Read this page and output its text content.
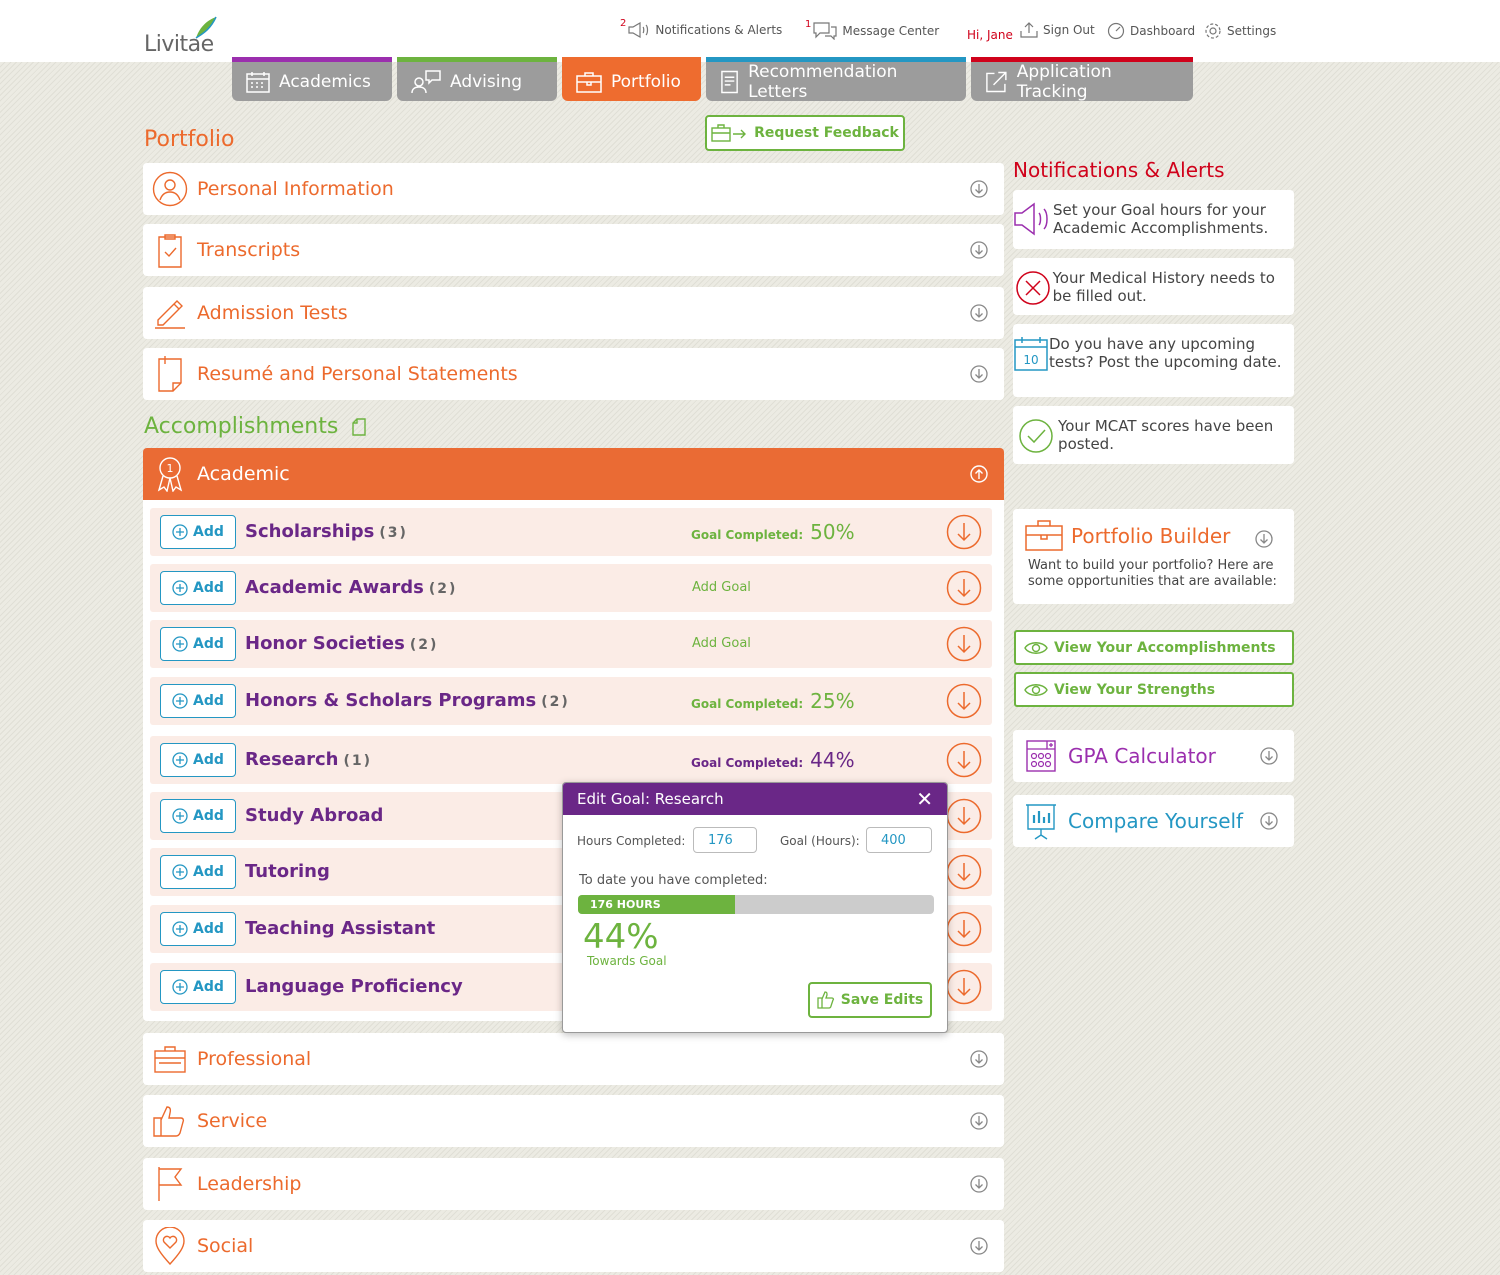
Livitae
2 Notifications & Alerts 1	Message Center Hi, Jane	Sign Out	Dashboard	Settings
Academics	Advising	Portfolio	Recommendation Letters
Application Tracking
Portfolio	Request Feedback
Personal Information
Transcripts
Admission Tests
Resumé and Personal Statements
Accomplishments
1 Academic
Add Scholarships (3)	Goal Completed: 50%
Add Academic Awards (2)	Add Goal
Add Honor Societies (2)	Add Goal
Add Honors & Scholars Programs (2)	Goal Completed: 25%
Add Research (1)	Goal Completed: 44%
Add Study Abroad
Add Tutoring
Add Teaching Assistant
Add Language Proficiency
Professional
Service
Leadership
Social
Edit Goal: Research	✕
Hours Completed:
176	Goal (Hours):
400
To date you have completed:
176 HOURS
44%
Towards Goal
Save Edits
Notifications & Alerts
Set your Goal hours for your Academic Accomplishments.
Your Medical History needs to be filled out.
10
Do you have any upcoming tests? Post the upcoming date.
Your MCAT scores have been posted.
Portfolio Builder
Want to build your portfolio? Here are some opportunities that are available:
View Your Accomplishments
View Your Strengths
GPA Calculator
Compare Yourself
